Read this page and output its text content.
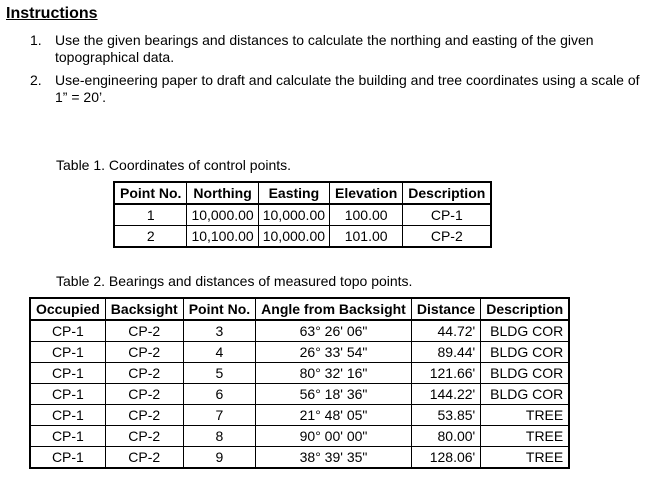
Instructions
1. Use the given bearings and distances to calculate the northing and easting of the given topographical data.
2. Use-engineering paper to draft and calculate the building and tree coordinates using a scale of 1” = 20’.
Table 1. Coordinates of control points.
Point No.	Northing	Easting	Elevation	Description
1	10,000.00	10,000.00	100.00	CP-1
2	10,100.00	10,000.00	101.00	CP-2
Table 2. Bearings and distances of measured topo points.
Occupied	Backsight	Point No.	Angle from Backsight	Distance	Description
CP-1	CP-2	3	63° 26' 06"	44.72'	BLDG COR
CP-1	CP-2	4	26° 33' 54"	89.44'	BLDG COR
CP-1	CP-2	5	80° 32' 16"	121.66'	BLDG COR
CP-1	CP-2	6	56° 18' 36"	144.22'	BLDG COR
CP-1	CP-2	7	21° 48' 05"	53.85'	TREE
CP-1	CP-2	8	90° 00' 00"	80.00'	TREE
CP-1	CP-2	9	38° 39' 35"	128.06'	TREE
